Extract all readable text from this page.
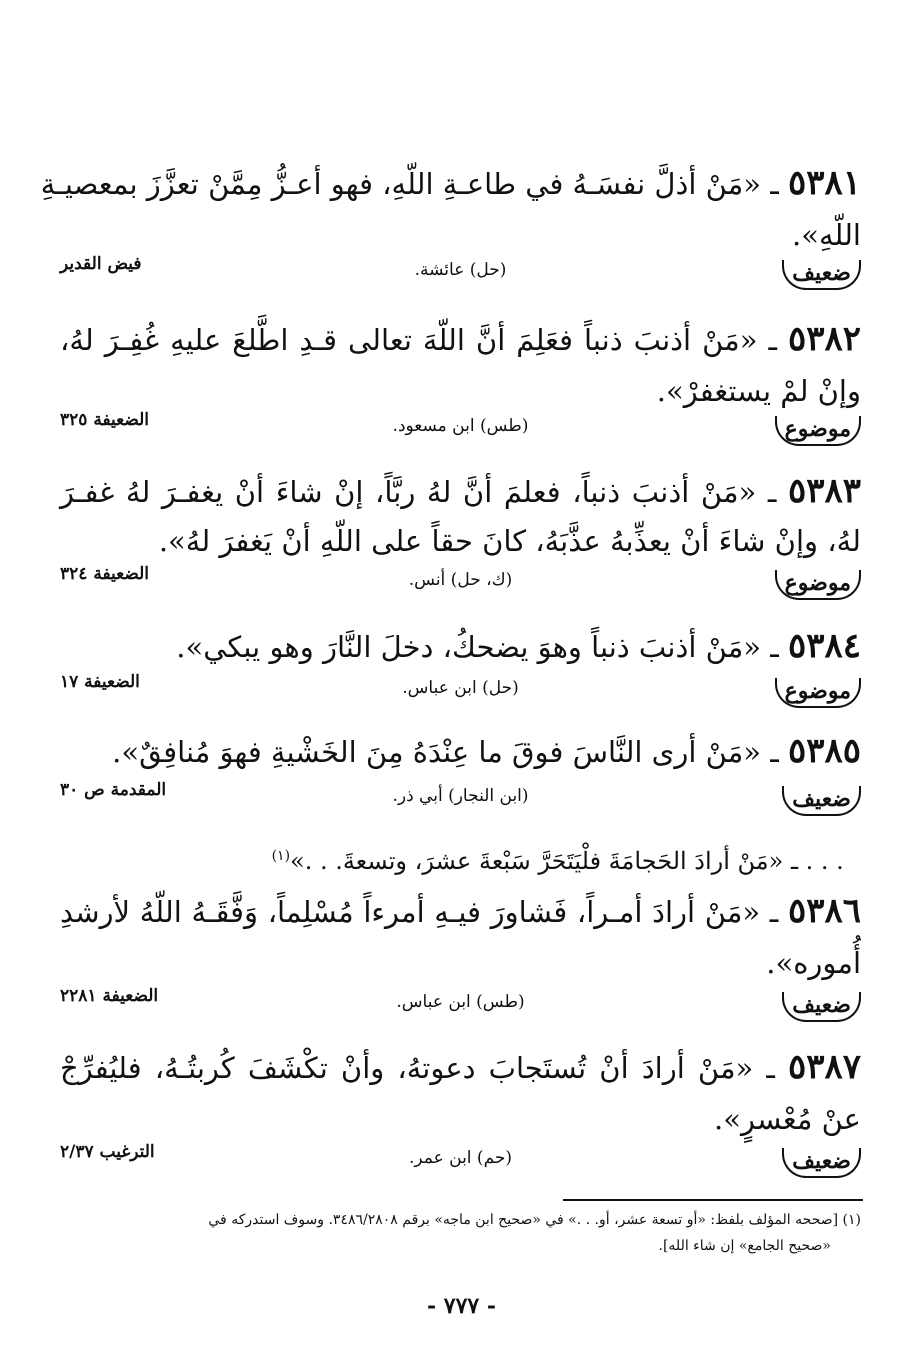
٥٣٨١ ـ «مَنْ أذلَّ نفسَـهُ في طاعـةِ اللّهِ، فهو أعـزُّ مِمَّنْ تعزَّزَ بمعصيـةِ
اللّهِ».
ضعيف
(حل) عائشة.
فيض القدير
٥٣٨٢ ـ «مَنْ أذنبَ ذنباً فعَلِمَ أنَّ اللّهَ تعالى قـدِ اطَّلعَ عليهِ غُفِـرَ لهُ،
وإنْ لمْ يستغفرْ».
موضوع
(طس) ابن مسعود.
الضعيفة ٣٢٥
٥٣٨٣ ـ «مَنْ أذنبَ ذنباً، فعلمَ أنَّ لهُ ربَّاً، إنْ شاءَ أنْ يغفـرَ لهُ غفـرَ
لهُ، وإنْ شاءَ أنْ يعذِّبهُ عذَّبَهُ، كانَ حقاً على اللّهِ أنْ يَغفرَ لهُ».
موضوع
(ك، حل) أنس.
الضعيفة ٣٢٤
٥٣٨٤ ـ «مَنْ أذنبَ ذنباً وهوَ يضحكُ، دخلَ النَّارَ وهو يبكي».
موضوع
(حل) ابن عباس.
الضعيفة ١٧
٥٣٨٥ ـ «مَنْ أرى النَّاسَ فوقَ ما عِنْدَهُ مِنَ الخَشْيةِ فهوَ مُنافِقٌ».
ضعيف
(ابن النجار) أبي ذر.
المقدمة ص ٣٠
. . . ـ «مَنْ أرادَ الحَجامَةَ فلْيَتَحَرَّ سَبْعةَ عشرَ، وتسعةَ. . .»$^{(١)}$
٥٣٨٦ ـ «مَنْ أرادَ أمـراً، فَشاورَ فيـهِ أمرءاً مُسْلِماً، وَفَّقَـهُ اللّهُ لأرشدِ
أُموره».
ضعيف
(طس) ابن عباس.
الضعيفة ٢٢٨١
٥٣٨٧ ـ «مَنْ أرادَ أنْ تُستَجابَ دعوتهُ، وأنْ تكْشَفَ كُربتُـهُ، فليُفرِّجْ
عنْ مُعْسرٍ».
ضعيف
(حم) ابن عمر.
الترغيب ٢/٣٧
(١) [صححه المؤلف بلفظ: «أو تسعة عشر، أو. . .» في «صحيح ابن ماجه» برقم ٣٤٨٦/٢٨٠٨. وسوف استدركه في
«صحيح الجامع» إن شاء الله].
- ٧٧٧ -
